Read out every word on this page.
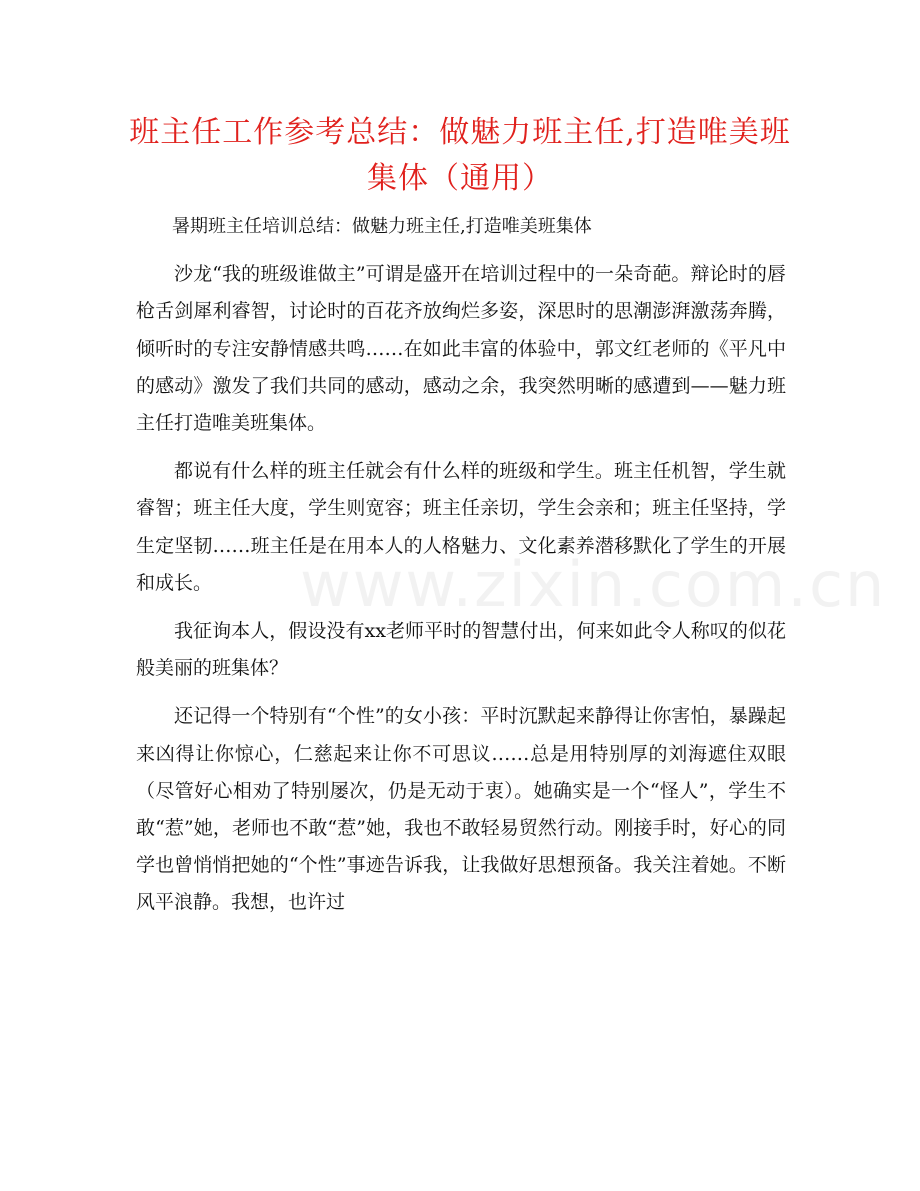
班主任工作参考总结：做魅力班主任,打造唯美班集体（通用）
www.zixin.com.cn

暑期班主任培训总结：做魅力班主任,打造唯美班集体

沙龙“我的班级谁做主”可谓是盛开在培训过程中的一朵奇葩。辩论时的唇枪舌剑犀利睿智，讨论时的百花齐放绚烂多姿，深思时的思潮澎湃激荡奔腾，倾听时的专注安静情感共鸣……在如此丰富的体验中，郭文红老师的《平凡中的感动》激发了我们共同的感动，感动之余，我突然明晰的感遭到——魅力班主任打造唯美班集体。

都说有什么样的班主任就会有什么样的班级和学生。班主任机智，学生就睿智；班主任大度，学生则宽容；班主任亲切，学生会亲和；班主任坚持，学生定坚韧……班主任是在用本人的人格魅力、文化素养潜移默化了学生的开展和成长。

我征询本人，假设没有xx老师平时的智慧付出，何来如此令人称叹的似花般美丽的班集体？

还记得一个特别有“个性”的女小孩：平时沉默起来静得让你害怕，暴躁起来凶得让你惊心，仁慈起来让你不可思议……总是用特别厚的刘海遮住双眼（尽管好心相劝了特别屡次，仍是无动于衷）。她确实是一个“怪人”，学生不敢“惹”她，老师也不敢“惹”她，我也不敢轻易贸然行动。刚接手时，好心的同学也曾悄悄把她的“个性”事迹告诉我，让我做好思想预备。我关注着她。不断风平浪静。我想，也许过
